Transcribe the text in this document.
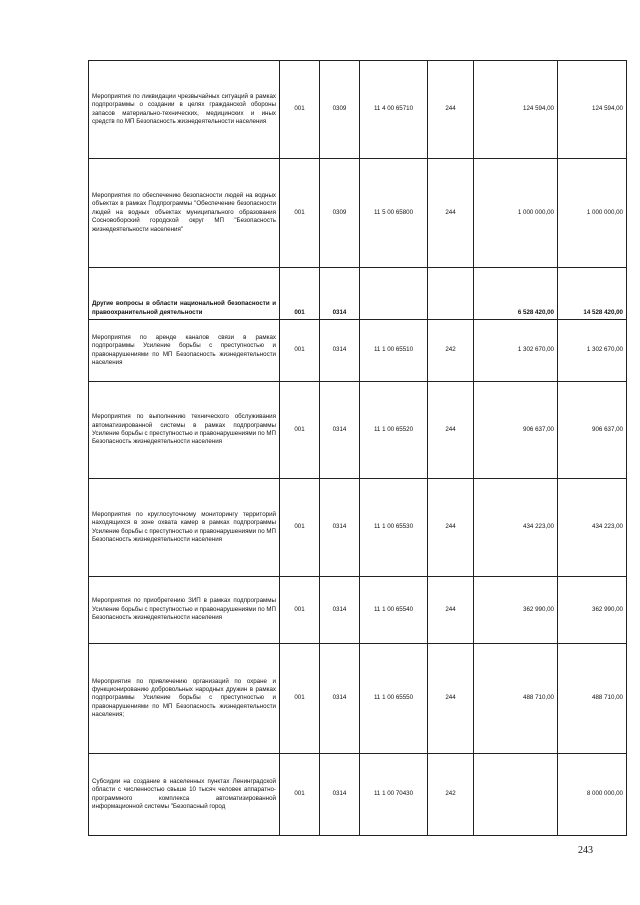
Мероприятия по ликвидации чрезвычайных ситуаций в рамках подпрограммы о создании в целях гражданской обороны запасов материально-технических, медицинских и иных средств по МП Безопасность жизнедеятельности населения	001	0309	11 4 00 65710	244	124 594,00	124 594,00
Мероприятия по обеспечению безопасности людей на водных объектах в рамках Подпрограммы "Обеспечение безопасности людей на водных объектах муниципального образования Сосновоборский городской округ МП "Безопасность жизнедеятельности населения"	001	0309	11 5 00 65800	244	1 000 000,00	1 000 000,00
Другие вопросы в области национальной безопасности и правоохранительной деятельности	001	0314			6 528 420,00	14 528 420,00
Мероприятия по аренде каналов связи в рамках подпрограммы Усиление борьбы с преступностью и правонарушениями по МП Безопасность жизнедеятельности населения	001	0314	11 1 00 65510	242	1 302 670,00	1 302 670,00
Мероприятия по выполнению технического обслуживания автоматизированной системы в рамках подпрограммы Усиление борьбы с преступностью и правонарушениями по МП Безопасность жизнедеятельности населения	001	0314	11 1 00 65520	244	906 637,00	906 637,00
Мероприятия по круглосуточному мониторингу территорий находящихся в зоне охвата камер в рамках подпрограммы Усиление борьбы с преступностью и правонарушениями по МП Безопасность жизнедеятельности населения	001	0314	11 1 00 65530	244	434 223,00	434 223,00
Мероприятия по приобретению ЗИП в рамках подпрограммы Усиление борьбы с преступностью и правонарушениями по МП Безопасность жизнедеятельности населения	001	0314	11 1 00 65540	244	362 990,00	362 990,00
Мероприятия по привлечению организаций по охране и функционированию добровольных народных дружин в рамках подпрограммы Усиление борьбы с преступностью и правонарушениями по МП Безопасность жизнедеятельности населения;	001	0314	11 1 00 65550	244	488 710,00	488 710,00
Субсидии на создание в населенных пунктах Ленинградской области с численностью свыше 10 тысяч человек аппаратно-программного комплекса автоматизированной информационной системы "Безопасный город	001	0314	11 1 00 70430	242		8 000 000,00
243
